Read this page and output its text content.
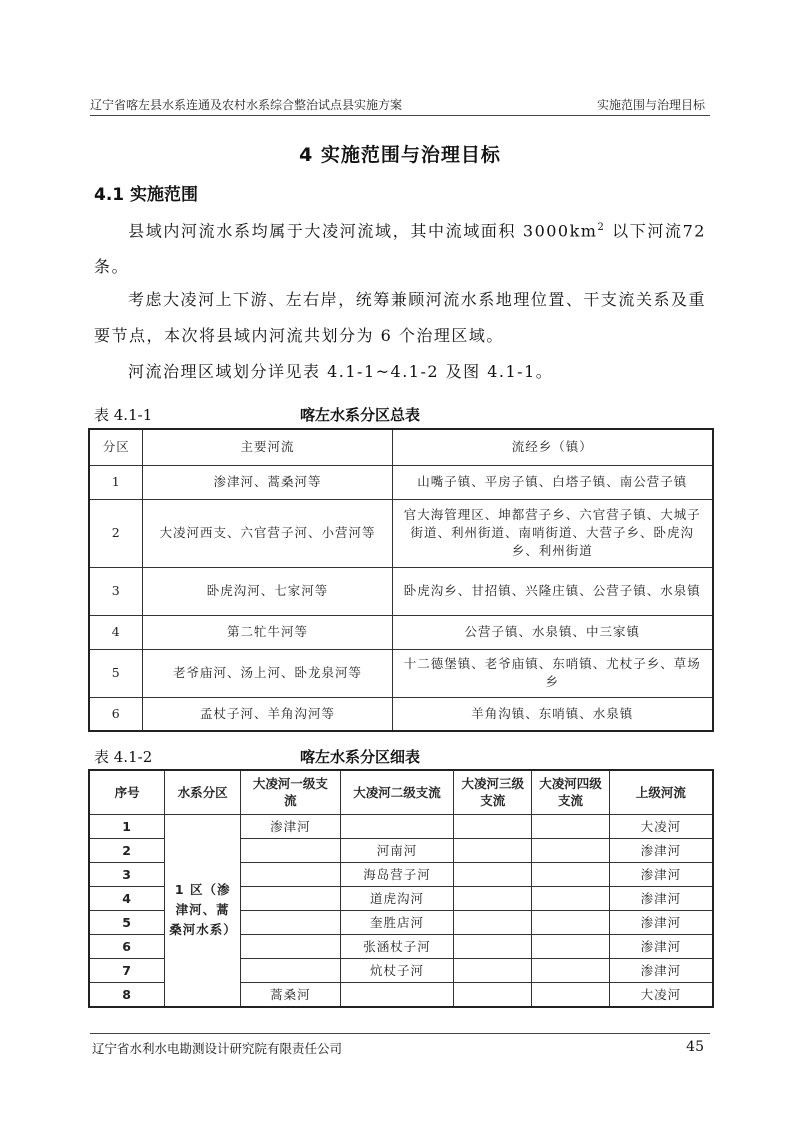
辽宁省喀左县水系连通及农村水系综合整治试点县实施方案	实施范围与治理目标
4 实施范围与治理目标
4.1 实施范围
县域内河流水系均属于大凌河流域，其中流域面积 $3000km^2$ 以下河流72 条。
考虑大凌河上下游、左右岸，统筹兼顾河流水系地理位置、干支流关系及重要节点，本次将县域内河流共划分为 6 个治理区域。
河流治理区域划分详见表 4.1-1~4.1-2 及图 4.1-1。
表 4.1-1	喀左水系分区总表
分区	主要河流	流经乡（镇）
1	渗津河、蒿桑河等	山嘴子镇、平房子镇、白塔子镇、南公营子镇
2	大凌河西支、六官营子河、小营河等	官大海管理区、坤都营子乡、六官营子镇、大城子街道、利州街道、南哨街道、大营子乡、卧虎沟乡、利州街道
3	卧虎沟河、七家河等	卧虎沟乡、甘招镇、兴隆庄镇、公营子镇、水泉镇
4	第二牤牛河等	公营子镇、水泉镇、中三家镇
5	老爷庙河、汤上河、卧龙泉河等	十二德堡镇、老爷庙镇、东哨镇、尤杖子乡、草场乡
6	孟杖子河、羊角沟河等	羊角沟镇、东哨镇、水泉镇
表 4.1-2	喀左水系分区细表
序号	水系分区	大凌河一级支流	大凌河二级支流	大凌河三级支流	大凌河四级支流	上级河流
1	1 区（渗津河、蒿桑河水系）	渗津河				大凌河
2			河南河			渗津河
3			海岛营子河			渗津河
4			道虎沟河			渗津河
5			奎胜店河			渗津河
6			张涵杖子河			渗津河
7			炕杖子河			渗津河
8		蒿桑河				大凌河
辽宁省水利水电勘测设计研究院有限责任公司	45
